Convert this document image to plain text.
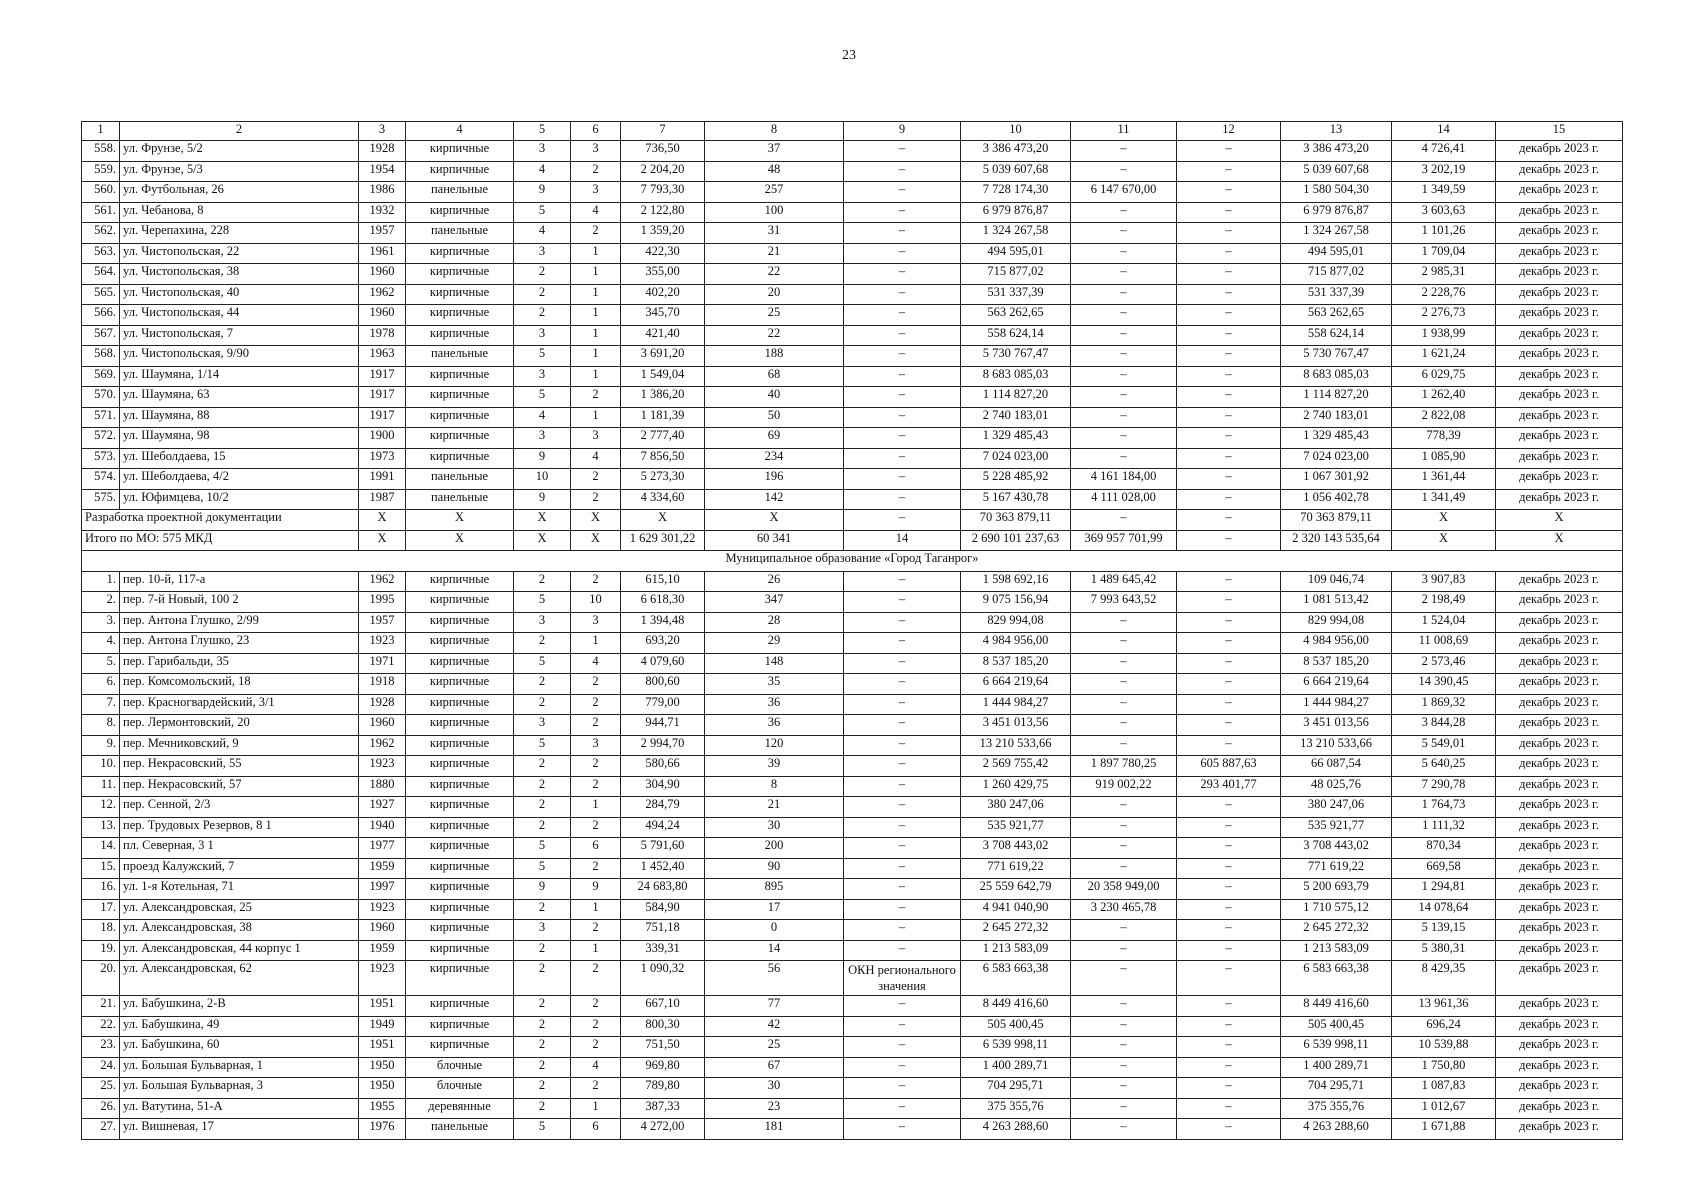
23
1	2	3	4	5	6	7	8	9	10	11	12	13	14	15
558.	ул. Фрунзе, 5/2	1928	кирпичные	3	3	736,50	37	–	3 386 473,20	–	–	3 386 473,20	4 726,41	декабрь 2023 г.
559.	ул. Фрунзе, 5/3	1954	кирпичные	4	2	2 204,20	48	–	5 039 607,68	–	–	5 039 607,68	3 202,19	декабрь 2023 г.
560.	ул. Футбольная, 26	1986	панельные	9	3	7 793,30	257	–	7 728 174,30	6 147 670,00	–	1 580 504,30	1 349,59	декабрь 2023 г.
561.	ул. Чебанова, 8	1932	кирпичные	5	4	2 122,80	100	–	6 979 876,87	–	–	6 979 876,87	3 603,63	декабрь 2023 г.
562.	ул. Черепахина, 228	1957	панельные	4	2	1 359,20	31	–	1 324 267,58	–	–	1 324 267,58	1 101,26	декабрь 2023 г.
563.	ул. Чистопольская, 22	1961	кирпичные	3	1	422,30	21	–	494 595,01	–	–	494 595,01	1 709,04	декабрь 2023 г.
564.	ул. Чистопольская, 38	1960	кирпичные	2	1	355,00	22	–	715 877,02	–	–	715 877,02	2 985,31	декабрь 2023 г.
565.	ул. Чистопольская, 40	1962	кирпичные	2	1	402,20	20	–	531 337,39	–	–	531 337,39	2 228,76	декабрь 2023 г.
566.	ул. Чистопольская, 44	1960	кирпичные	2	1	345,70	25	–	563 262,65	–	–	563 262,65	2 276,73	декабрь 2023 г.
567.	ул. Чистопольская, 7	1978	кирпичные	3	1	421,40	22	–	558 624,14	–	–	558 624,14	1 938,99	декабрь 2023 г.
568.	ул. Чистопольская, 9/90	1963	панельные	5	1	3 691,20	188	–	5 730 767,47	–	–	5 730 767,47	1 621,24	декабрь 2023 г.
569.	ул. Шаумяна, 1/14	1917	кирпичные	3	1	1 549,04	68	–	8 683 085,03	–	–	8 683 085,03	6 029,75	декабрь 2023 г.
570.	ул. Шаумяна, 63	1917	кирпичные	5	2	1 386,20	40	–	1 114 827,20	–	–	1 114 827,20	1 262,40	декабрь 2023 г.
571.	ул. Шаумяна, 88	1917	кирпичные	4	1	1 181,39	50	–	2 740 183,01	–	–	2 740 183,01	2 822,08	декабрь 2023 г.
572.	ул. Шаумяна, 98	1900	кирпичные	3	3	2 777,40	69	–	1 329 485,43	–	–	1 329 485,43	778,39	декабрь 2023 г.
573.	ул. Шеболдаева, 15	1973	кирпичные	9	4	7 856,50	234	–	7 024 023,00	–	–	7 024 023,00	1 085,90	декабрь 2023 г.
574.	ул. Шеболдаева, 4/2	1991	панельные	10	2	5 273,30	196	–	5 228 485,92	4 161 184,00	–	1 067 301,92	1 361,44	декабрь 2023 г.
575.	ул. Юфимцева, 10/2	1987	панельные	9	2	4 334,60	142	–	5 167 430,78	4 111 028,00	–	1 056 402,78	1 341,49	декабрь 2023 г.
Разработка проектной документации		X	X	X	X	X	X	–	70 363 879,11	–	–	70 363 879,11	X	X
Итого по МО: 575 МКД		X	X	X	X	1 629 301,22	60 341	14	2 690 101 237,63	369 957 701,99	–	2 320 143 535,64	X	X
Муниципальное образование «Город Таганрог»														
1.	пер. 10-й, 117-а	1962	кирпичные	2	2	615,10	26	–	1 598 692,16	1 489 645,42	–	109 046,74	3 907,83	декабрь 2023 г.
2.	пер. 7-й Новый, 100 2	1995	кирпичные	5	10	6 618,30	347	–	9 075 156,94	7 993 643,52	–	1 081 513,42	2 198,49	декабрь 2023 г.
3.	пер. Антона Глушко, 2/99	1957	кирпичные	3	3	1 394,48	28	–	829 994,08	–	–	829 994,08	1 524,04	декабрь 2023 г.
4.	пер. Антона Глушко, 23	1923	кирпичные	2	1	693,20	29	–	4 984 956,00	–	–	4 984 956,00	11 008,69	декабрь 2023 г.
5.	пер. Гарибальди, 35	1971	кирпичные	5	4	4 079,60	148	–	8 537 185,20	–	–	8 537 185,20	2 573,46	декабрь 2023 г.
6.	пер. Комсомольский, 18	1918	кирпичные	2	2	800,60	35	–	6 664 219,64	–	–	6 664 219,64	14 390,45	декабрь 2023 г.
7.	пер. Красногвардейский, 3/1	1928	кирпичные	2	2	779,00	36	–	1 444 984,27	–	–	1 444 984,27	1 869,32	декабрь 2023 г.
8.	пер. Лермонтовский, 20	1960	кирпичные	3	2	944,71	36	–	3 451 013,56	–	–	3 451 013,56	3 844,28	декабрь 2023 г.
9.	пер. Мечниковский, 9	1962	кирпичные	5	3	2 994,70	120	–	13 210 533,66	–	–	13 210 533,66	5 549,01	декабрь 2023 г.
10.	пер. Некрасовский, 55	1923	кирпичные	2	2	580,66	39	–	2 569 755,42	1 897 780,25	605 887,63	66 087,54	5 640,25	декабрь 2023 г.
11.	пер. Некрасовский, 57	1880	кирпичные	2	2	304,90	8	–	1 260 429,75	919 002,22	293 401,77	48 025,76	7 290,78	декабрь 2023 г.
12.	пер. Сенной, 2/3	1927	кирпичные	2	1	284,79	21	–	380 247,06	–	–	380 247,06	1 764,73	декабрь 2023 г.
13.	пер. Трудовых Резервов, 8 1	1940	кирпичные	2	2	494,24	30	–	535 921,77	–	–	535 921,77	1 111,32	декабрь 2023 г.
14.	пл. Северная, 3 1	1977	кирпичные	5	6	5 791,60	200	–	3 708 443,02	–	–	3 708 443,02	870,34	декабрь 2023 г.
15.	проезд Калужский, 7	1959	кирпичные	5	2	1 452,40	90	–	771 619,22	–	–	771 619,22	669,58	декабрь 2023 г.
16.	ул. 1-я Котельная, 71	1997	кирпичные	9	9	24 683,80	895	–	25 559 642,79	20 358 949,00	–	5 200 693,79	1 294,81	декабрь 2023 г.
17.	ул. Александровская, 25	1923	кирпичные	2	1	584,90	17	–	4 941 040,90	3 230 465,78	–	1 710 575,12	14 078,64	декабрь 2023 г.
18.	ул. Александровская, 38	1960	кирпичные	3	2	751,18	0	–	2 645 272,32	–	–	2 645 272,32	5 139,15	декабрь 2023 г.
19.	ул. Александровская, 44 корпус 1	1959	кирпичные	2	1	339,31	14	–	1 213 583,09	–	–	1 213 583,09	5 380,31	декабрь 2023 г.
20.	ул. Александровская, 62	1923	кирпичные	2	2	1 090,32	56	ОКН регионального значения	6 583 663,38	–	–	6 583 663,38	8 429,35	декабрь 2023 г.
21.	ул. Бабушкина, 2-В	1951	кирпичные	2	2	667,10	77	–	8 449 416,60	–	–	8 449 416,60	13 961,36	декабрь 2023 г.
22.	ул. Бабушкина, 49	1949	кирпичные	2	2	800,30	42	–	505 400,45	–	–	505 400,45	696,24	декабрь 2023 г.
23.	ул. Бабушкина, 60	1951	кирпичные	2	2	751,50	25	–	6 539 998,11	–	–	6 539 998,11	10 539,88	декабрь 2023 г.
24.	ул. Большая Бульварная, 1	1950	блочные	2	4	969,80	67	–	1 400 289,71	–	–	1 400 289,71	1 750,80	декабрь 2023 г.
25.	ул. Большая Бульварная, 3	1950	блочные	2	2	789,80	30	–	704 295,71	–	–	704 295,71	1 087,83	декабрь 2023 г.
26.	ул. Ватутина, 51-А	1955	деревянные	2	1	387,33	23	–	375 355,76	–	–	375 355,76	1 012,67	декабрь 2023 г.
27.	ул. Вишневая, 17	1976	панельные	5	6	4 272,00	181	–	4 263 288,60	–	–	4 263 288,60	1 671,88	декабрь 2023 г.
